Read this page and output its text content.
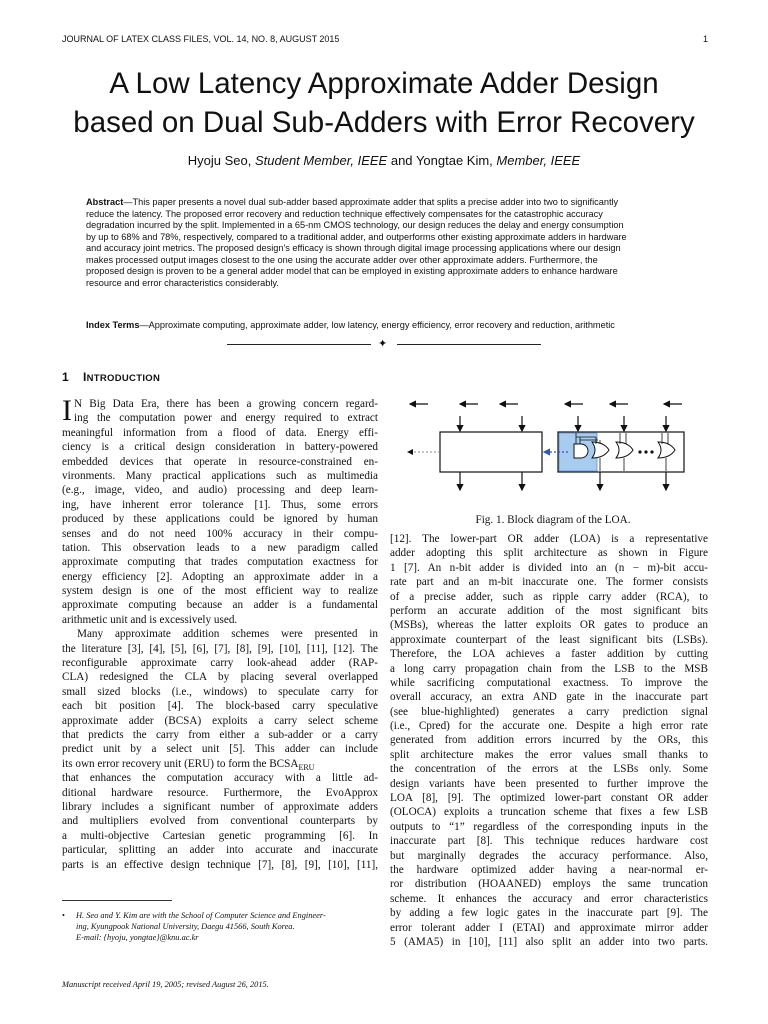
JOURNAL OF LATEX CLASS FILES, VOL. 14, NO. 8, AUGUST 2015	1
A Low Latency Approximate Adder Design
based on Dual Sub-Adders with Error Recovery
Hyoju Seo, Student Member, IEEE and Yongtae Kim, Member, IEEE
Abstract—This paper presents a novel dual sub-adder based approximate adder that splits a precise adder into two to significantly
reduce the latency. The proposed error recovery and reduction technique effectively compensates for the catastrophic accuracy
degradation incurred by the split. Implemented in a 65-nm CMOS technology, our design reduces the delay and energy consumption
by up to 68% and 78%, respectively, compared to a traditional adder, and outperforms other existing approximate adders in hardware
and accuracy joint metrics. The proposed design's efficacy is shown through digital image processing applications where our design
makes processed output images closest to the one using the accurate adder over other approximate adders. Furthermore, the
proposed design is proven to be a general adder model that can be employed in existing approximate adders to enhance hardware
resource and error characteristics considerably.
Index Terms—Approximate computing, approximate adder, low latency, energy efficiency, error recovery and reduction, arithmetic
✦
1 INTRODUCTION
I N Big Data Era, there has been a growing concern regard-
ing the computation power and energy required to extract
meaningful information from a flood of data. Energy effi-
ciency is a critical design consideration in battery-powered
embedded devices that operate in resource-constrained en-
vironments. Many practical applications such as multimedia
(e.g., image, video, and audio) processing and deep learn-
ing, have inherent error tolerance [1]. Thus, some errors
produced by these applications could be ignored by human
senses and do not need 100% accuracy in their compu-
tation. This observation leads to a new paradigm called
approximate computing that trades computation exactness for
energy efficiency [2]. Adopting an approximate adder in a
system design is one of the most efficient way to realize
approximate computing because an adder is a fundamental
arithmetic unit and is excessively used.
Many approximate addition schemes were presented in
the literature [3], [4], [5], [6], [7], [8], [9], [10], [11], [12]. The
reconfigurable approximate carry look-ahead adder (RAP-
CLA) redesigned the CLA by placing several overlapped
small sized blocks (i.e., windows) to speculate carry for
each bit position [4]. The block-based carry speculative
approximate adder (BCSA) exploits a carry select scheme
that predicts the carry from either a sub-adder or a carry
predict unit by a select unit [5]. This adder can include
its own error recovery unit (ERU) to form the $BCSA_{ERU}$
that enhances the computation accuracy with a little ad-
ditional hardware resource. Furthermore, the EvoApprox
library includes a significant number of approximate adders
and multipliers evolved from conventional counterparts by
a multi-objective Cartesian genetic programming [6]. In
particular, splitting an adder into accurate and inaccurate
parts is an effective design technique [7], [8], [9], [10], [11],
• H. Seo and Y. Kim are with the School of Computer Science and Engineer-
ing, Kyungpook National University, Daegu 41566, South Korea.
E-mail: {hyoju, yongtae}@knu.ac.kr
Manuscript received April 19, 2005; revised August 26, 2015.
Fig. 1. Block diagram of the LOA.
[12]. The lower-part OR adder (LOA) is a representative
adder adopting this split architecture as shown in Figure
1 [7]. An n-bit adder is divided into an (n − m)-bit accu-
rate part and an m-bit inaccurate one. The former consists
of a precise adder, such as ripple carry adder (RCA), to
perform an accurate addition of the most significant bits
(MSBs), whereas the latter exploits OR gates to produce an
approximate counterpart of the least significant bits (LSBs).
Therefore, the LOA achieves a faster addition by cutting
a long carry propagation chain from the LSB to the MSB
while sacrificing computational exactness. To improve the
overall accuracy, an extra AND gate in the inaccurate part
(see blue-highlighted) generates a carry prediction signal
(i.e., Cpred) for the accurate one. Despite a high error rate
generated from addition errors incurred by the ORs, this
split architecture makes the error values small thanks to
the concentration of the errors at the LSBs only. Some
design variants have been presented to further improve the
LOA [8], [9]. The optimized lower-part constant OR adder
(OLOCA) exploits a truncation scheme that fixes a few LSB
outputs to “1” regardless of the corresponding inputs in the
inaccurate part [8]. This technique reduces hardware cost
but marginally degrades the accuracy performance. Also,
the hardware optimized adder having a near-normal er-
ror distribution (HOAANED) employs the same truncation
scheme. It enhances the accuracy and error characteristics
by adding a few logic gates in the inaccurate part [9]. The
error tolerant adder I (ETAI) and approximate mirror adder
5 (AMA5) in [10], [11] also split an adder into two parts.
